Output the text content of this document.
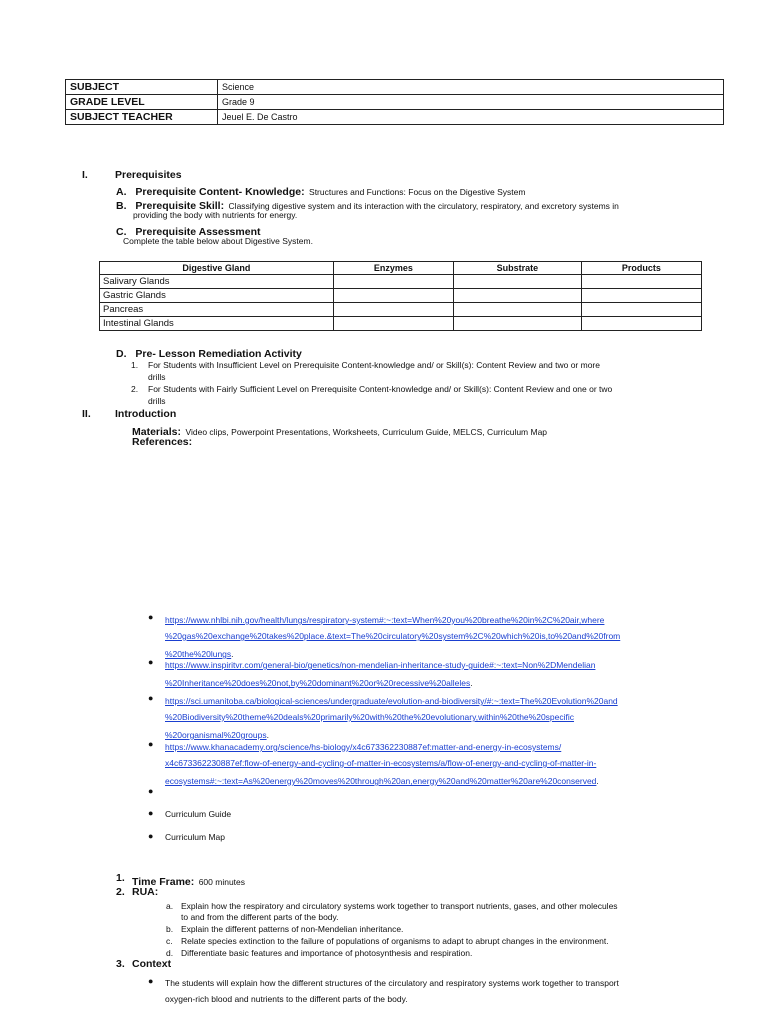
SUBJECT	Science
GRADE LEVEL	Grade 9
SUBJECT TEACHER	Jeuel E. De Castro
I.	Prerequisites
A. Prerequisite Content- Knowledge: Structures and Functions: Focus on the Digestive System
B. Prerequisite Skill: Classifying digestive system and its interaction with the circulatory, respiratory, and excretory systems in
providing the body with nutrients for energy.
C. Prerequisite Assessment
Complete the table below about Digestive System.
Digestive Gland	Enzymes	Substrate	Products
Salivary Glands			
Gastric Glands			
Pancreas			
Intestinal Glands			
D. Pre- Lesson Remediation Activity
1. For Students with Insufficient Level on Prerequisite Content-knowledge and/ or Skill(s): Content Review and two or more
drills
2. For Students with Fairly Sufficient Level on Prerequisite Content-knowledge and/ or Skill(s): Content Review and one or two
drills
II. Introduction
Materials: Video clips, Powerpoint Presentations, Worksheets, Curriculum Guide, MELCS, Curriculum Map
References:
● https://www.nhlbi.nih.gov/health/lungs/respiratory-system#:~:text=When%20you%20breathe%20in%2C%20air,where
%20gas%20exchange%20takes%20place.&text=The%20circulatory%20system%2C%20which%20is,to%20and%20from
%20the%20lungs.
● https://www.inspiritvr.com/general-bio/genetics/non-mendelian-inheritance-study-guide#:~:text=Non%2DMendelian
%20Inheritance%20does%20not,by%20dominant%20or%20recessive%20alleles.
● https://sci.umanitoba.ca/biological-sciences/undergraduate/evolution-and-biodiversity/#:~:text=The%20Evolution%20and
%20Biodiversity%20theme%20deals%20primarily%20with%20the%20evolutionary,within%20the%20specific
%20organismal%20groups.
● https://www.khanacademy.org/science/hs-biology/x4c673362230887ef:matter-and-energy-in-ecosystems/
x4c673362230887ef:flow-of-energy-and-cycling-of-matter-in-ecosystems/a/flow-of-energy-and-cycling-of-matter-in-
ecosystems#:~:text=As%20energy%20moves%20through%20an,energy%20and%20matter%20are%20conserved.
●
● Curriculum Guide
● Curriculum Map
1. Time Frame: 600 minutes
2. RUA:
a. Explain how the respiratory and circulatory systems work together to transport nutrients, gases, and other molecules
to and from the different parts of the body.
b. Explain the different patterns of non-Mendelian inheritance.
c. Relate species extinction to the failure of populations of organisms to adapt to abrupt changes in the environment.
d. Differentiate basic features and importance of photosynthesis and respiration.
3. Context
● The students will explain how the different structures of the circulatory and respiratory systems work together to transport
oxygen-rich blood and nutrients to the different parts of the body.
